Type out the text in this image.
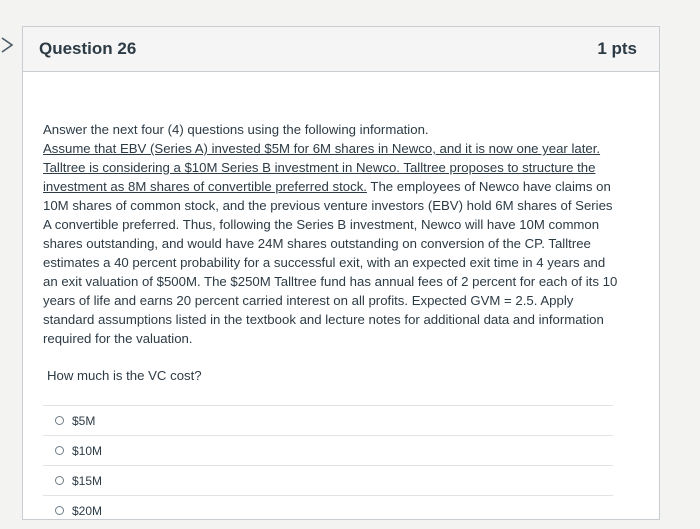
Question 26	1 pts

Answer the next four (4) questions using the following information.
Assume that EBV (Series A) invested $5M for 6M shares in Newco, and it is now one year later. Talltree is considering a $10M Series B investment in Newco. Talltree proposes to structure the investment as 8M shares of convertible preferred stock. The employees of Newco have claims on 10M shares of common stock, and the previous venture investors (EBV) hold 6M shares of Series A convertible preferred. Thus, following the Series B investment, Newco will have 10M common shares outstanding, and would have 24M shares outstanding on conversion of the CP. Talltree estimates a 40 percent probability for a successful exit, with an expected exit time in 4 years and an exit valuation of $500M. The $250M Talltree fund has annual fees of 2 percent for each of its 10 years of life and earns 20 percent carried interest on all profits. Expected GVM = 2.5. Apply standard assumptions listed in the textbook and lecture notes for additional data and information required for the valuation.

How much is the VC cost?

$5M
$10M
$15M
$20M
